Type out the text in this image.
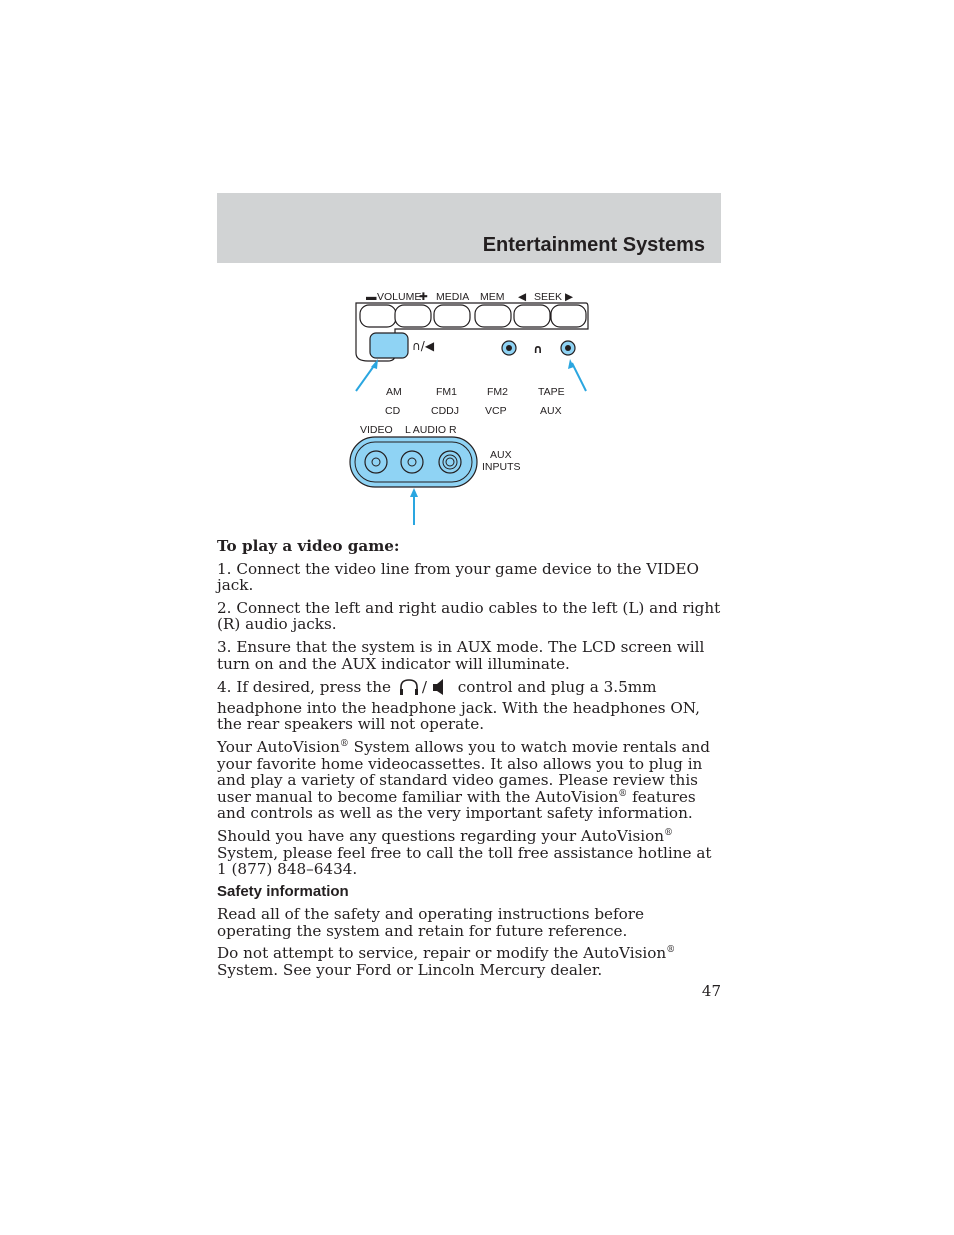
Entertainment Systems
▬ VOLUME
✚ MEDIA MEM ◀ SEEK ▶
∩/◀	∩
AM	FM1	FM2	TAPE
CD	CDDJ VCP	AUX
VIDEO L AUDIO R
AUX
INPUTS

To play a video game:

1. Connect the video line from your game device to the VIDEO jack.

2. Connect the left and right audio cables to the left (L) and right (R) audio jacks.

3. Ensure that the system is in AUX mode. The LCD screen will turn on and the AUX indicator will illuminate.

4. If desired, press the / control and plug a 3.5mm headphone into the headphone jack. With the headphones ON, the rear speakers will not operate.

Your AutoVision® System allows you to watch movie rentals and your favorite home videocassettes. It also allows you to plug in and play a variety of standard video games. Please review this user manual to become familiar with the AutoVision® features and controls as well as the very important safety information.

Should you have any questions regarding your AutoVision® System, please feel free to call the toll free assistance hotline at 1 (877) 848–6434.

Safety information

Read all of the safety and operating instructions before operating the system and retain for future reference.

Do not attempt to service, repair or modify the AutoVision® System. See your Ford or Lincoln Mercury dealer.

47
